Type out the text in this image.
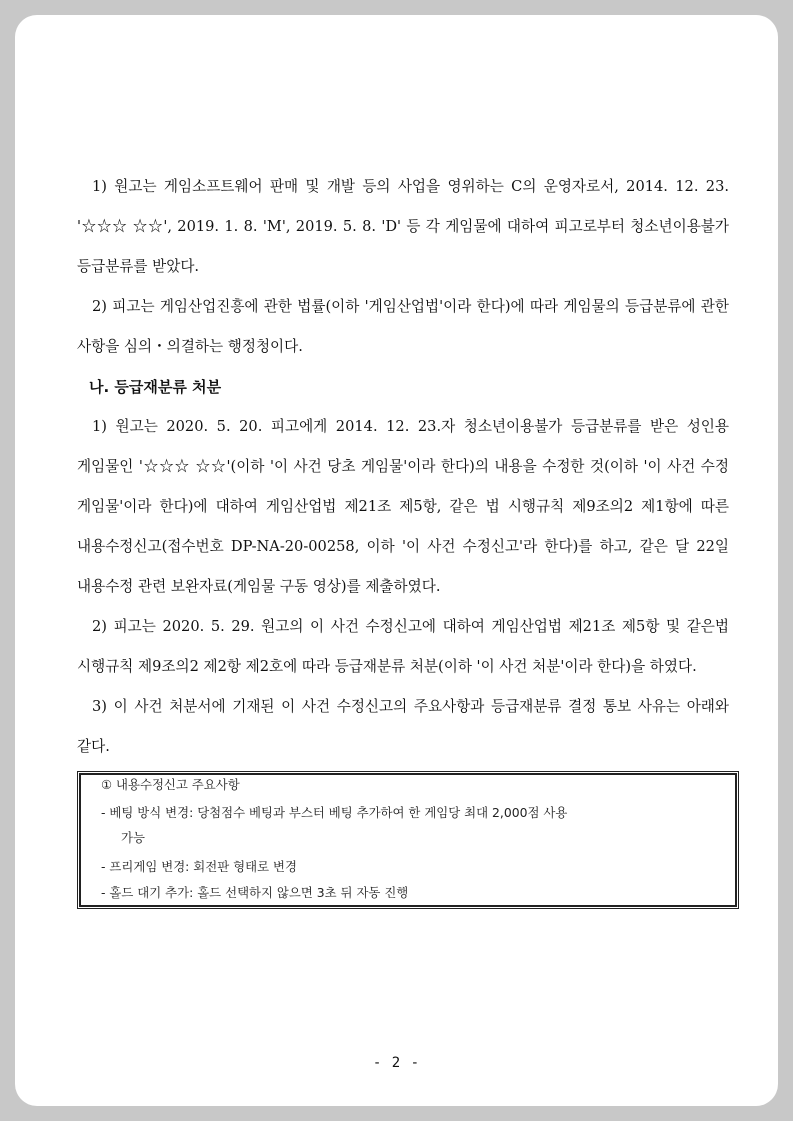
1) 원고는 게임소프트웨어 판매 및 개발 등의 사업을 영위하는 C의 운영자로서, 2014. 12. 23. '☆☆☆ ☆☆', 2019. 1. 8. 'M', 2019. 5. 8. 'D' 등 각 게임물에 대하여 피고로부터 청소년이용불가 등급분류를 받았다.

2) 피고는 게임산업진흥에 관한 법률(이하 '게임산업법'이라 한다)에 따라 게임물의 등급분류에 관한 사항을 심의・의결하는 행정청이다.

나. 등급재분류 처분

1) 원고는 2020. 5. 20. 피고에게 2014. 12. 23.자 청소년이용불가 등급분류를 받은 성인용 게임물인 '☆☆☆ ☆☆'(이하 '이 사건 당초 게임물'이라 한다)의 내용을 수정한 것(이하 '이 사건 수정 게임물'이라 한다)에 대하여 게임산업법 제21조 제5항, 같은 법 시행규칙 제9조의2 제1항에 따른 내용수정신고(접수번호 DP-NA-20-00258, 이하 '이 사건 수정신고'라 한다)를 하고, 같은 달 22일 내용수정 관련 보완자료(게임물 구동 영상)를 제출하였다.

2) 피고는 2020. 5. 29. 원고의 이 사건 수정신고에 대하여 게임산업법 제21조 제5항 및 같은법 시행규칙 제9조의2 제2항 제2호에 따라 등급재분류 처분(이하 '이 사건 처분'이라 한다)을 하였다.

3) 이 사건 처분서에 기재된 이 사건 수정신고의 주요사항과 등급재분류 결정 통보 사유는 아래와 같다.

① 내용수정신고 주요사항

- 베팅 방식 변경: 당첨점수 베팅과 부스터 베팅 추가하여 한 게임당 최대 2,000점 사용

가능

- 프리게임 변경: 회전판 형태로 변경

- 홀드 대기 추가: 홀드 선택하지 않으면 3초 뒤 자동 진행

- 2 -
